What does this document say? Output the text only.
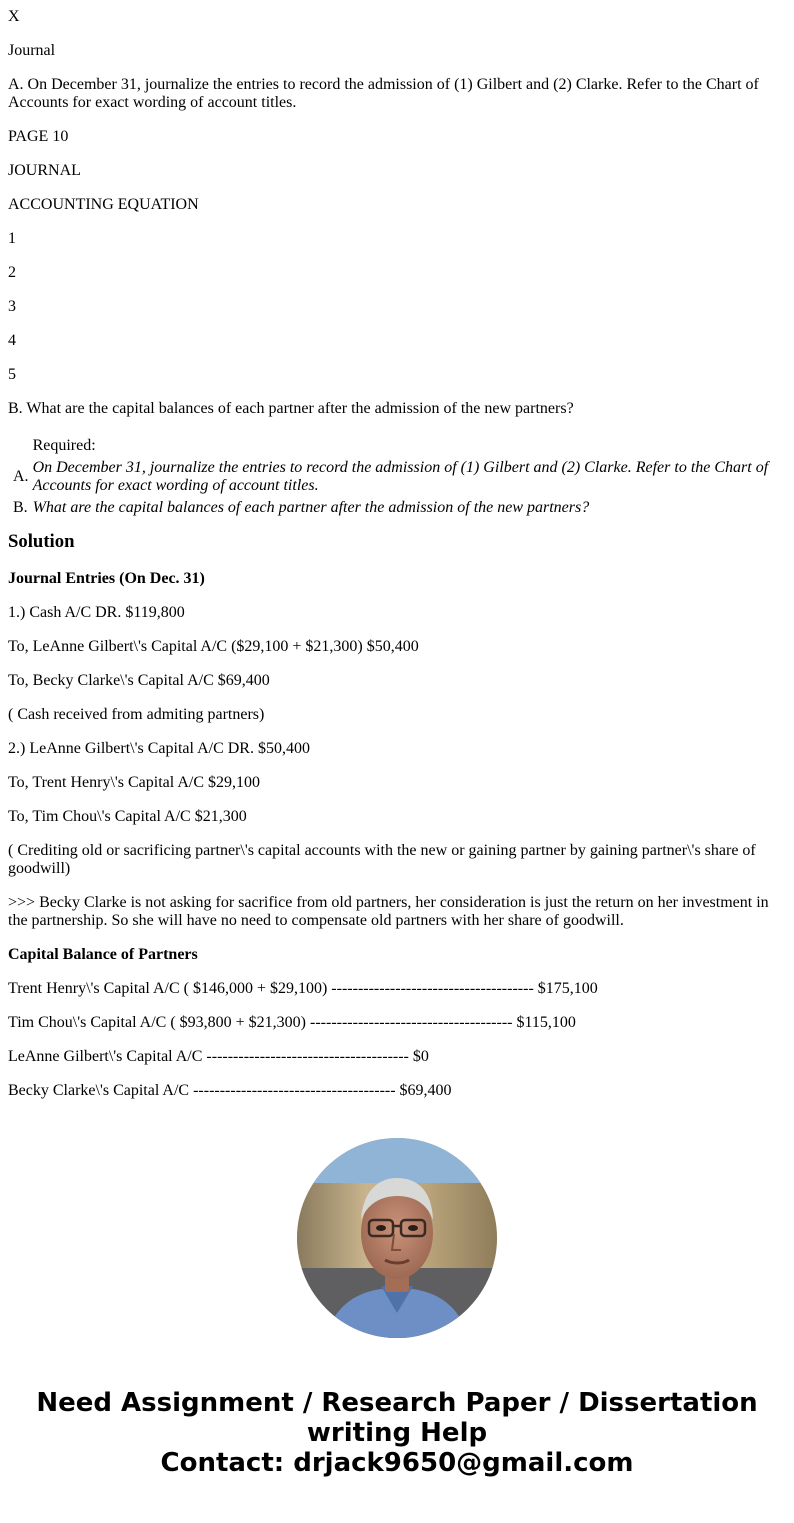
X

Journal

A. On December 31, journalize the entries to record the admission of (1) Gilbert and (2) Clarke. Refer to the Chart of Accounts for exact wording of account titles.

PAGE 10

JOURNAL

ACCOUNTING EQUATION

1

2

3

4

5

B. What are the capital balances of each partner after the admission of the new partners?

	Required:
A.	On December 31, journalize the entries to record the admission of (1) Gilbert and (2) Clarke. Refer to the Chart of Accounts for exact wording of account titles.
B.	What are the capital balances of each partner after the admission of the new partners?
Solution

Journal Entries (On Dec. 31)

1.) Cash A/C DR. $119,800

To, LeAnne Gilbert\'s Capital A/C ($29,100 + $21,300) $50,400

To, Becky Clarke\'s Capital A/C $69,400

( Cash received from admiting partners)

2.) LeAnne Gilbert\'s Capital A/C DR. $50,400

To, Trent Henry\'s Capital A/C $29,100

To, Tim Chou\'s Capital A/C $21,300

( Crediting old or sacrificing partner\'s capital accounts with the new or gaining partner by gaining partner\'s share of goodwill)

>>> Becky Clarke is not asking for sacrifice from old partners, her consideration is just the return on her investment in the partnership. So she will have no need to compensate old partners with her share of goodwill.

Capital Balance of Partners

Trent Henry\'s Capital A/C ( $146,000 + $29,100) -------------------------------------- $175,100

Tim Chou\'s Capital A/C ( $93,800 + $21,300) -------------------------------------- $115,100

LeAnne Gilbert\'s Capital A/C -------------------------------------- $0

Becky Clarke\'s Capital A/C -------------------------------------- $69,400

Need Assignment / Research Paper / Dissertation writing Help
Contact: drjack9650@gmail.com
